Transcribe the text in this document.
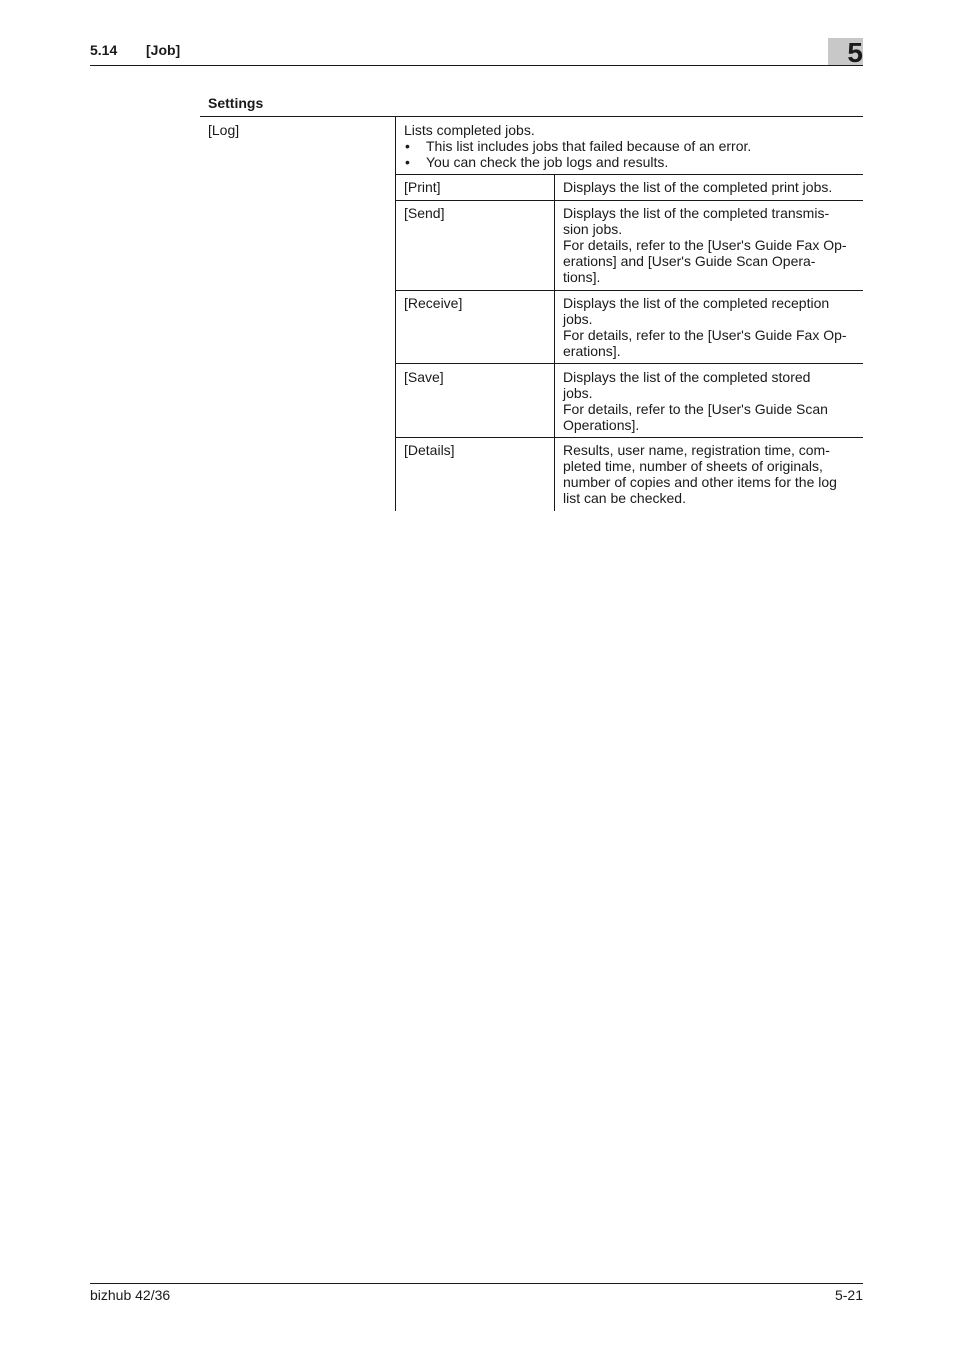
5.14 [Job]	5
Settings
[Log]	Lists completed jobs.

• This list includes jobs that failed because of an error.

• You can check the job logs and results.

[Print]	Displays the list of the completed print jobs.

[Send]	Displays the list of the completed transmis-

sion jobs.

For details, refer to the [User's Guide Fax Op-

erations] and [User's Guide Scan Opera-

tions].

[Receive]	Displays the list of the completed reception

jobs.

For details, refer to the [User's Guide Fax Op-

erations].

[Save]	Displays the list of the completed stored

jobs.

For details, refer to the [User's Guide Scan

Operations].

[Details]	Results, user name, registration time, com-

pleted time, number of sheets of originals,

number of copies and other items for the log

list can be checked.

bizhub 42/36	5-21
